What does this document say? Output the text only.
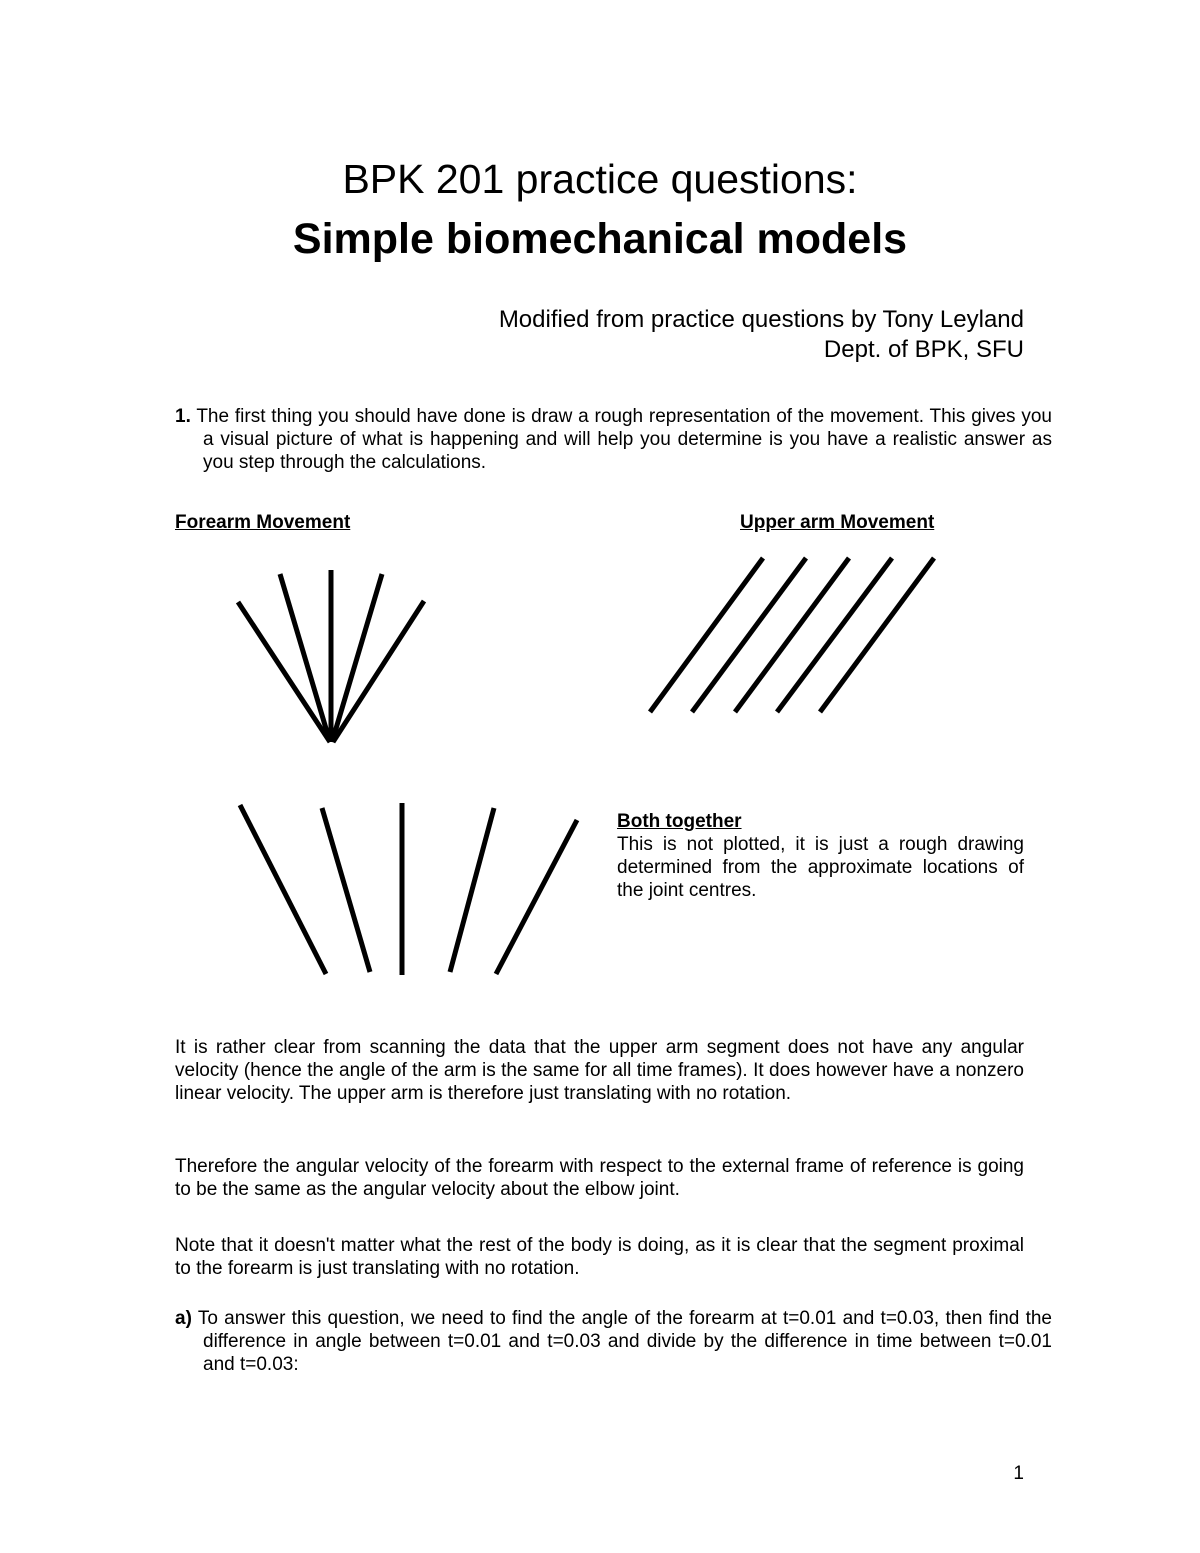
BPK 201 practice questions:
Simple biomechanical models
Modified from practice questions by Tony Leyland
Dept. of BPK, SFU
1. The first thing you should have done is draw a rough representation of the movement. This gives you a visual picture of what is happening and will help you determine is you have a realistic answer as you step through the calculations.
Forearm Movement	Upper arm Movement
Both together
This is not plotted, it is just a rough drawing determined from the approximate locations of the joint centres.
It is rather clear from scanning the data that the upper arm segment does not have any angular velocity (hence the angle of the arm is the same for all time frames). It does however have a nonzero linear velocity. The upper arm is therefore just translating with no rotation.
Therefore the angular velocity of the forearm with respect to the external frame of reference is going to be the same as the angular velocity about the elbow joint.
Note that it doesn't matter what the rest of the body is doing, as it is clear that the segment proximal to the forearm is just translating with no rotation.
a) To answer this question, we need to find the angle of the forearm at t=0.01 and t=0.03, then find the difference in angle between t=0.01 and t=0.03 and divide by the difference in time between t=0.01 and t=0.03:
1
